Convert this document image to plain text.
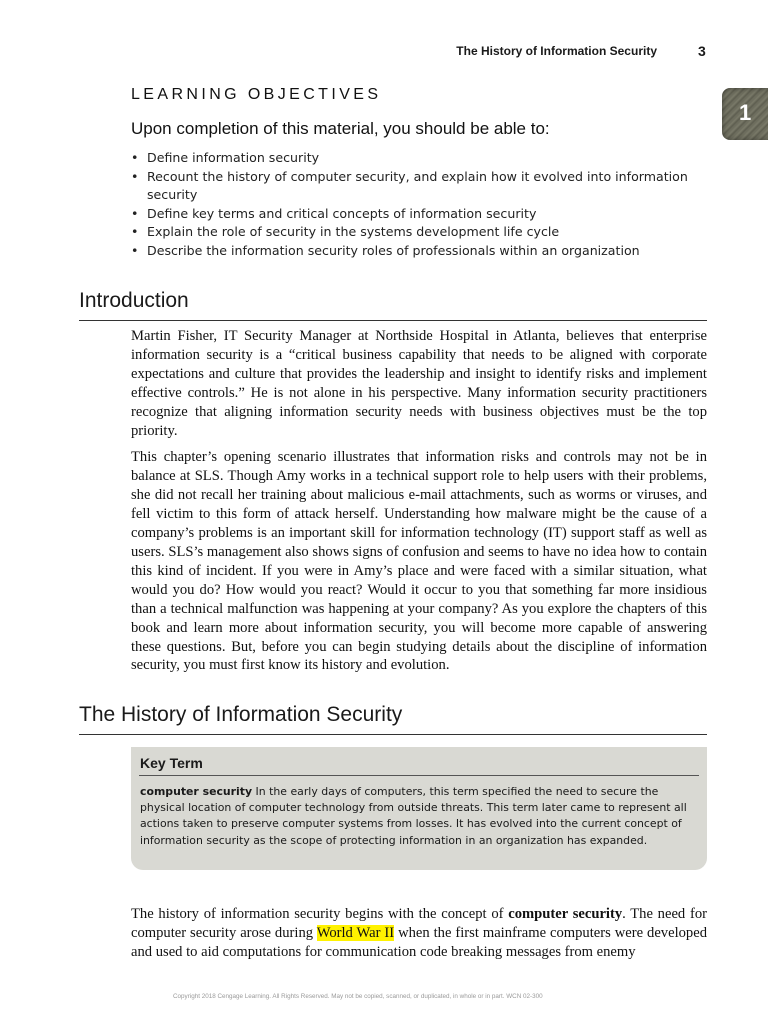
The History of Information Security	3
1
LEARNING OBJECTIVES
Upon completion of this material, you should be able to:
• Define information security
• Recount the history of computer security, and explain how it evolved into information security
• Define key terms and critical concepts of information security
• Explain the role of security in the systems development life cycle
• Describe the information security roles of professionals within an organization
Introduction

Martin Fisher, IT Security Manager at Northside Hospital in Atlanta, believes that enterprise information security is a “critical business capability that needs to be aligned with corporate expectations and culture that provides the leadership and insight to identify risks and implement effective controls.” He is not alone in his perspective. Many information security practitioners recognize that aligning information security needs with business objectives must be the top priority.

This chapter’s opening scenario illustrates that information risks and controls may not be in balance at SLS. Though Amy works in a technical support role to help users with their problems, she did not recall her training about malicious e-mail attachments, such as worms or viruses, and fell victim to this form of attack herself. Understanding how malware might be the cause of a company’s problems is an important skill for information technology (IT) support staff as well as users. SLS’s management also shows signs of confusion and seems to have no idea how to contain this kind of incident. If you were in Amy’s place and were faced with a similar situation, what would you do? How would you react? Would it occur to you that something far more insidious than a technical malfunction was happening at your company? As you explore the chapters of this book and learn more about information security, you will become more capable of answering these questions. But, before you can begin studying details about the discipline of information security, you must first know its history and evolution.

The History of Information Security
Key Term
computer security In the early days of computers, this term specified the need to secure the physical location of computer technology from outside threats. This term later came to represent all actions taken to preserve computer systems from losses. It has evolved into the current concept of information security as the scope of protecting information in an organization has expanded.

The history of information security begins with the concept of computer security. The need for computer security arose during World War II when the first mainframe computers were developed and used to aid computations for communication code breaking messages from enemy

Copyright 2018 Cengage Learning. All Rights Reserved. May not be copied, scanned, or duplicated, in whole or in part. WCN 02-300
